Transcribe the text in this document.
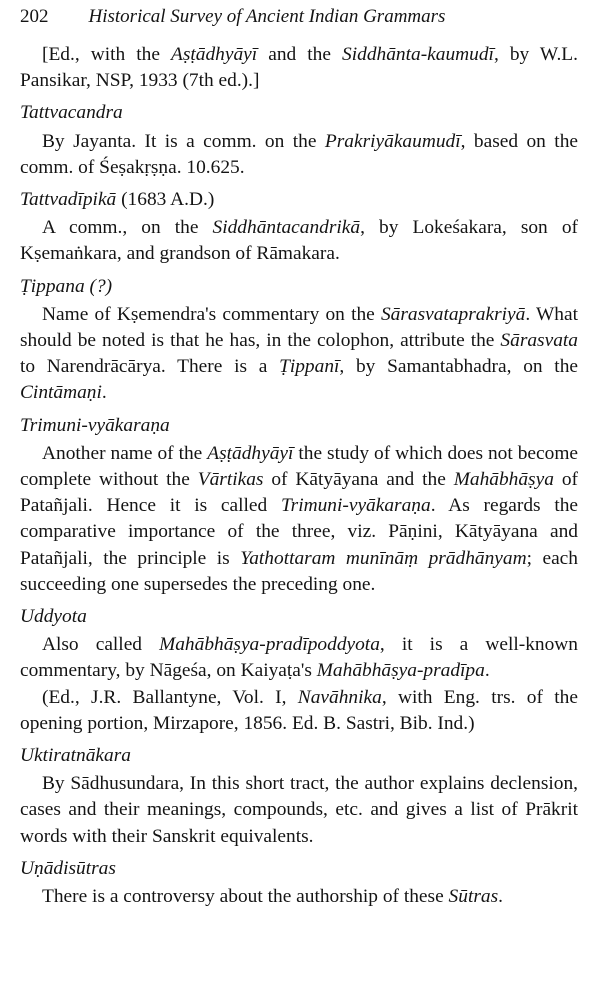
202 Historical Survey of Ancient Indian Grammars

[Ed., with the Aṣṭādhyāyī and the Siddhānta-kaumudī, by W.L. Pansikar, NSP, 1933 (7th ed.).]

Tattvacandra

By Jayanta. It is a comm. on the Prakriyākaumudī, based on the comm. of Śeṣakṛṣṇa. 10.625.

Tattvadīpikā (1683 A.D.)

A comm., on the Siddhāntacandrikā, by Lokeśakara, son of Kṣemaṅkara, and grandson of Rāmakara.

Ṭippana (?)

Name of Kṣemendra's commentary on the Sārasvataprakriyā. What should be noted is that he has, in the colophon, attribute the Sārasvata to Narendrācārya. There is a Ṭippanī, by Samantabhadra, on the Cintāmaṇi.

Trimuni-vyākaraṇa

Another name of the Aṣṭādhyāyī the study of which does not become complete without the Vārtikas of Kātyāyana and the Mahābhāṣya of Patañjali. Hence it is called Trimuni-vyākaraṇa. As regards the comparative importance of the three, viz. Pāṇini, Kātyāyana and Patañjali, the principle is Yathottaram munīnāṃ prādhānyam; each succeeding one supersedes the preceding one.

Uddyota

Also called Mahābhāṣya-pradīpoddyota, it is a well-known commentary, by Nāgeśa, on Kaiyaṭa's Mahābhāṣya-pradīpa.

(Ed., J.R. Ballantyne, Vol. I, Navāhnika, with Eng. trs. of the opening portion, Mirzapore, 1856. Ed. B. Sastri, Bib. Ind.)

Uktiratnākara

By Sādhusundara, In this short tract, the author explains declension, cases and their meanings, compounds, etc. and gives a list of Prākrit words with their Sanskrit equivalents.

Uṇādisūtras

There is a controversy about the authorship of these Sūtras.
